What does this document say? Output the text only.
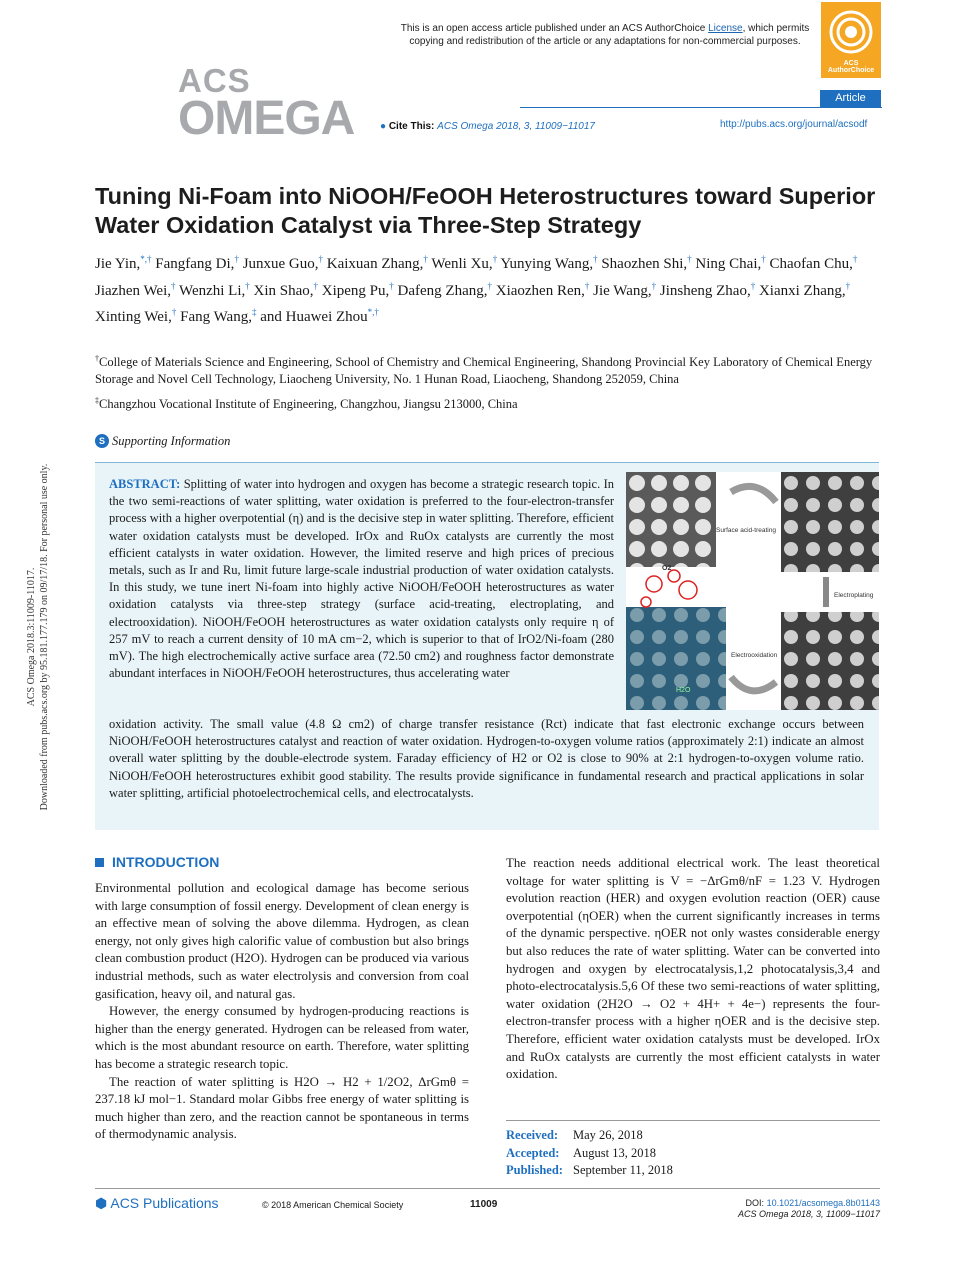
ACS Omega 2018.3:11009-11017. Downloaded from pubs.acs.org by 95.181.177.179 on 09/17/18. For personal use only.
This is an open access article published under an ACS AuthorChoice License, which permits
copying and redistribution of the article or any adaptations for non-commercial purposes.
ACS AuthorChoice
ACS
OMEGA	Article
● Cite This: ACS Omega 2018, 3, 11009−11017	http://pubs.acs.org/journal/acsodf
Tuning Ni-Foam into NiOOH/FeOOH Heterostructures toward Superior Water Oxidation Catalyst via Three-Step Strategy
Jie Yin,*,† Fangfang Di,† Junxue Guo,† Kaixuan Zhang,† Wenli Xu,† Yunying Wang,† Shaozhen Shi,† Ning Chai,† Chaofan Chu,† Jiazhen Wei,† Wenzhi Li,† Xin Shao,† Xipeng Pu,† Dafeng Zhang,† Xiaozhen Ren,† Jie Wang,† Jinsheng Zhao,† Xianxi Zhang,† Xinting Wei,† Fang Wang,‡ and Huawei Zhou*,†
†College of Materials Science and Engineering, School of Chemistry and Chemical Engineering, Shandong Provincial Key Laboratory of Chemical Energy Storage and Novel Cell Technology, Liaocheng University, No. 1 Hunan Road, Liaocheng, Shandong 252059, China
‡Changzhou Vocational Institute of Engineering, Changzhou, Jiangsu 213000, China
S Supporting Information
ABSTRACT: Splitting of water into hydrogen and oxygen has become a strategic research topic. In the two semi-reactions of water splitting, water oxidation is preferred to the four-electron-transfer process with a higher overpotential (η) and is the decisive step in water splitting. Therefore, efficient water oxidation catalysts must be developed. IrOx and RuOx catalysts are currently the most efficient catalysts in water oxidation. However, the limited reserve and high prices of precious metals, such as Ir and Ru, limit future large-scale industrial production of water oxidation catalysts. In this study, we tune inert Ni-foam into highly active NiOOH/FeOOH heterostructures as water oxidation catalysts via three-step strategy (surface acid-treating, electroplating, and electrooxidation). NiOOH/FeOOH heterostructures as water oxidation catalysts only require η of 257 mV to reach a current density of 10 mA cm−2, which is superior to that of IrO2/Ni-foam (280 mV). The high electrochemically active surface area (72.50 cm2) and roughness factor demonstrate abundant interfaces in NiOOH/FeOOH heterostructures, thus accelerating water
oxidation activity. The small value (4.8 Ω cm2) of charge transfer resistance (Rct) indicate that fast electronic exchange occurs between NiOOH/FeOOH heterostructures catalyst and reaction of water oxidation. Hydrogen-to-oxygen volume ratios (approximately 2:1) indicate an almost overall water splitting by the double-electrode system. Faraday efficiency of H2 or O2 is close to 90% at 2:1 hydrogen-to-oxygen volume ratio. NiOOH/FeOOH heterostructures exhibit good stability. The results provide significance in fundamental research and practical applications in solar water splitting, artificial photoelectrochemical cells, and electrocatalysts.
Surface acid-treating
Electroplating
Electrooxidation
O2
H2O
INTRODUCTION

Environmental pollution and ecological damage has become serious with large consumption of fossil energy. Development of clean energy is an effective mean of solving the above dilemma. Hydrogen, as clean energy, not only gives high calorific value of combustion but also brings clean combustion product (H2O). Hydrogen can be produced via various industrial methods, such as water electrolysis and conversion from coal gasification, heavy oil, and natural gas.

However, the energy consumed by hydrogen-producing reactions is higher than the energy generated. Hydrogen can be released from water, which is the most abundant resource on earth. Therefore, water splitting has become a strategic research topic.

The reaction of water splitting is H2O → H2 + 1/2O2, ΔrGmθ = 237.18 kJ mol−1. Standard molar Gibbs free energy of water splitting is much higher than zero, and the reaction cannot be spontaneous in terms of thermodynamic analysis.

The reaction needs additional electrical work. The least theoretical voltage for water splitting is V = −ΔrGmθ/nF = 1.23 V. Hydrogen evolution reaction (HER) and oxygen evolution reaction (OER) cause overpotential (ηOER) when the current significantly increases in terms of the dynamic perspective. ηOER not only wastes considerable energy but also reduces the rate of water splitting. Water can be converted into hydrogen and oxygen by electrocatalysis,1,2 photocatalysis,3,4 and photo-electrocatalysis.5,6 Of these two semi-reactions of water splitting, water oxidation (2H2O → O2 + 4H+ + 4e−) represents the four-electron-transfer process with a higher ηOER and is the decisive step. Therefore, efficient water oxidation catalysts must be developed. IrOx and RuOx catalysts are currently the most efficient catalysts in water oxidation.

Received: May 26, 2018
Accepted: August 13, 2018
Published: September 11, 2018
⬢ ACS Publications	© 2018 American Chemical Society	11009	DOI: 10.1021/acsomega.8b01143
ACS Omega 2018, 3, 11009−11017
